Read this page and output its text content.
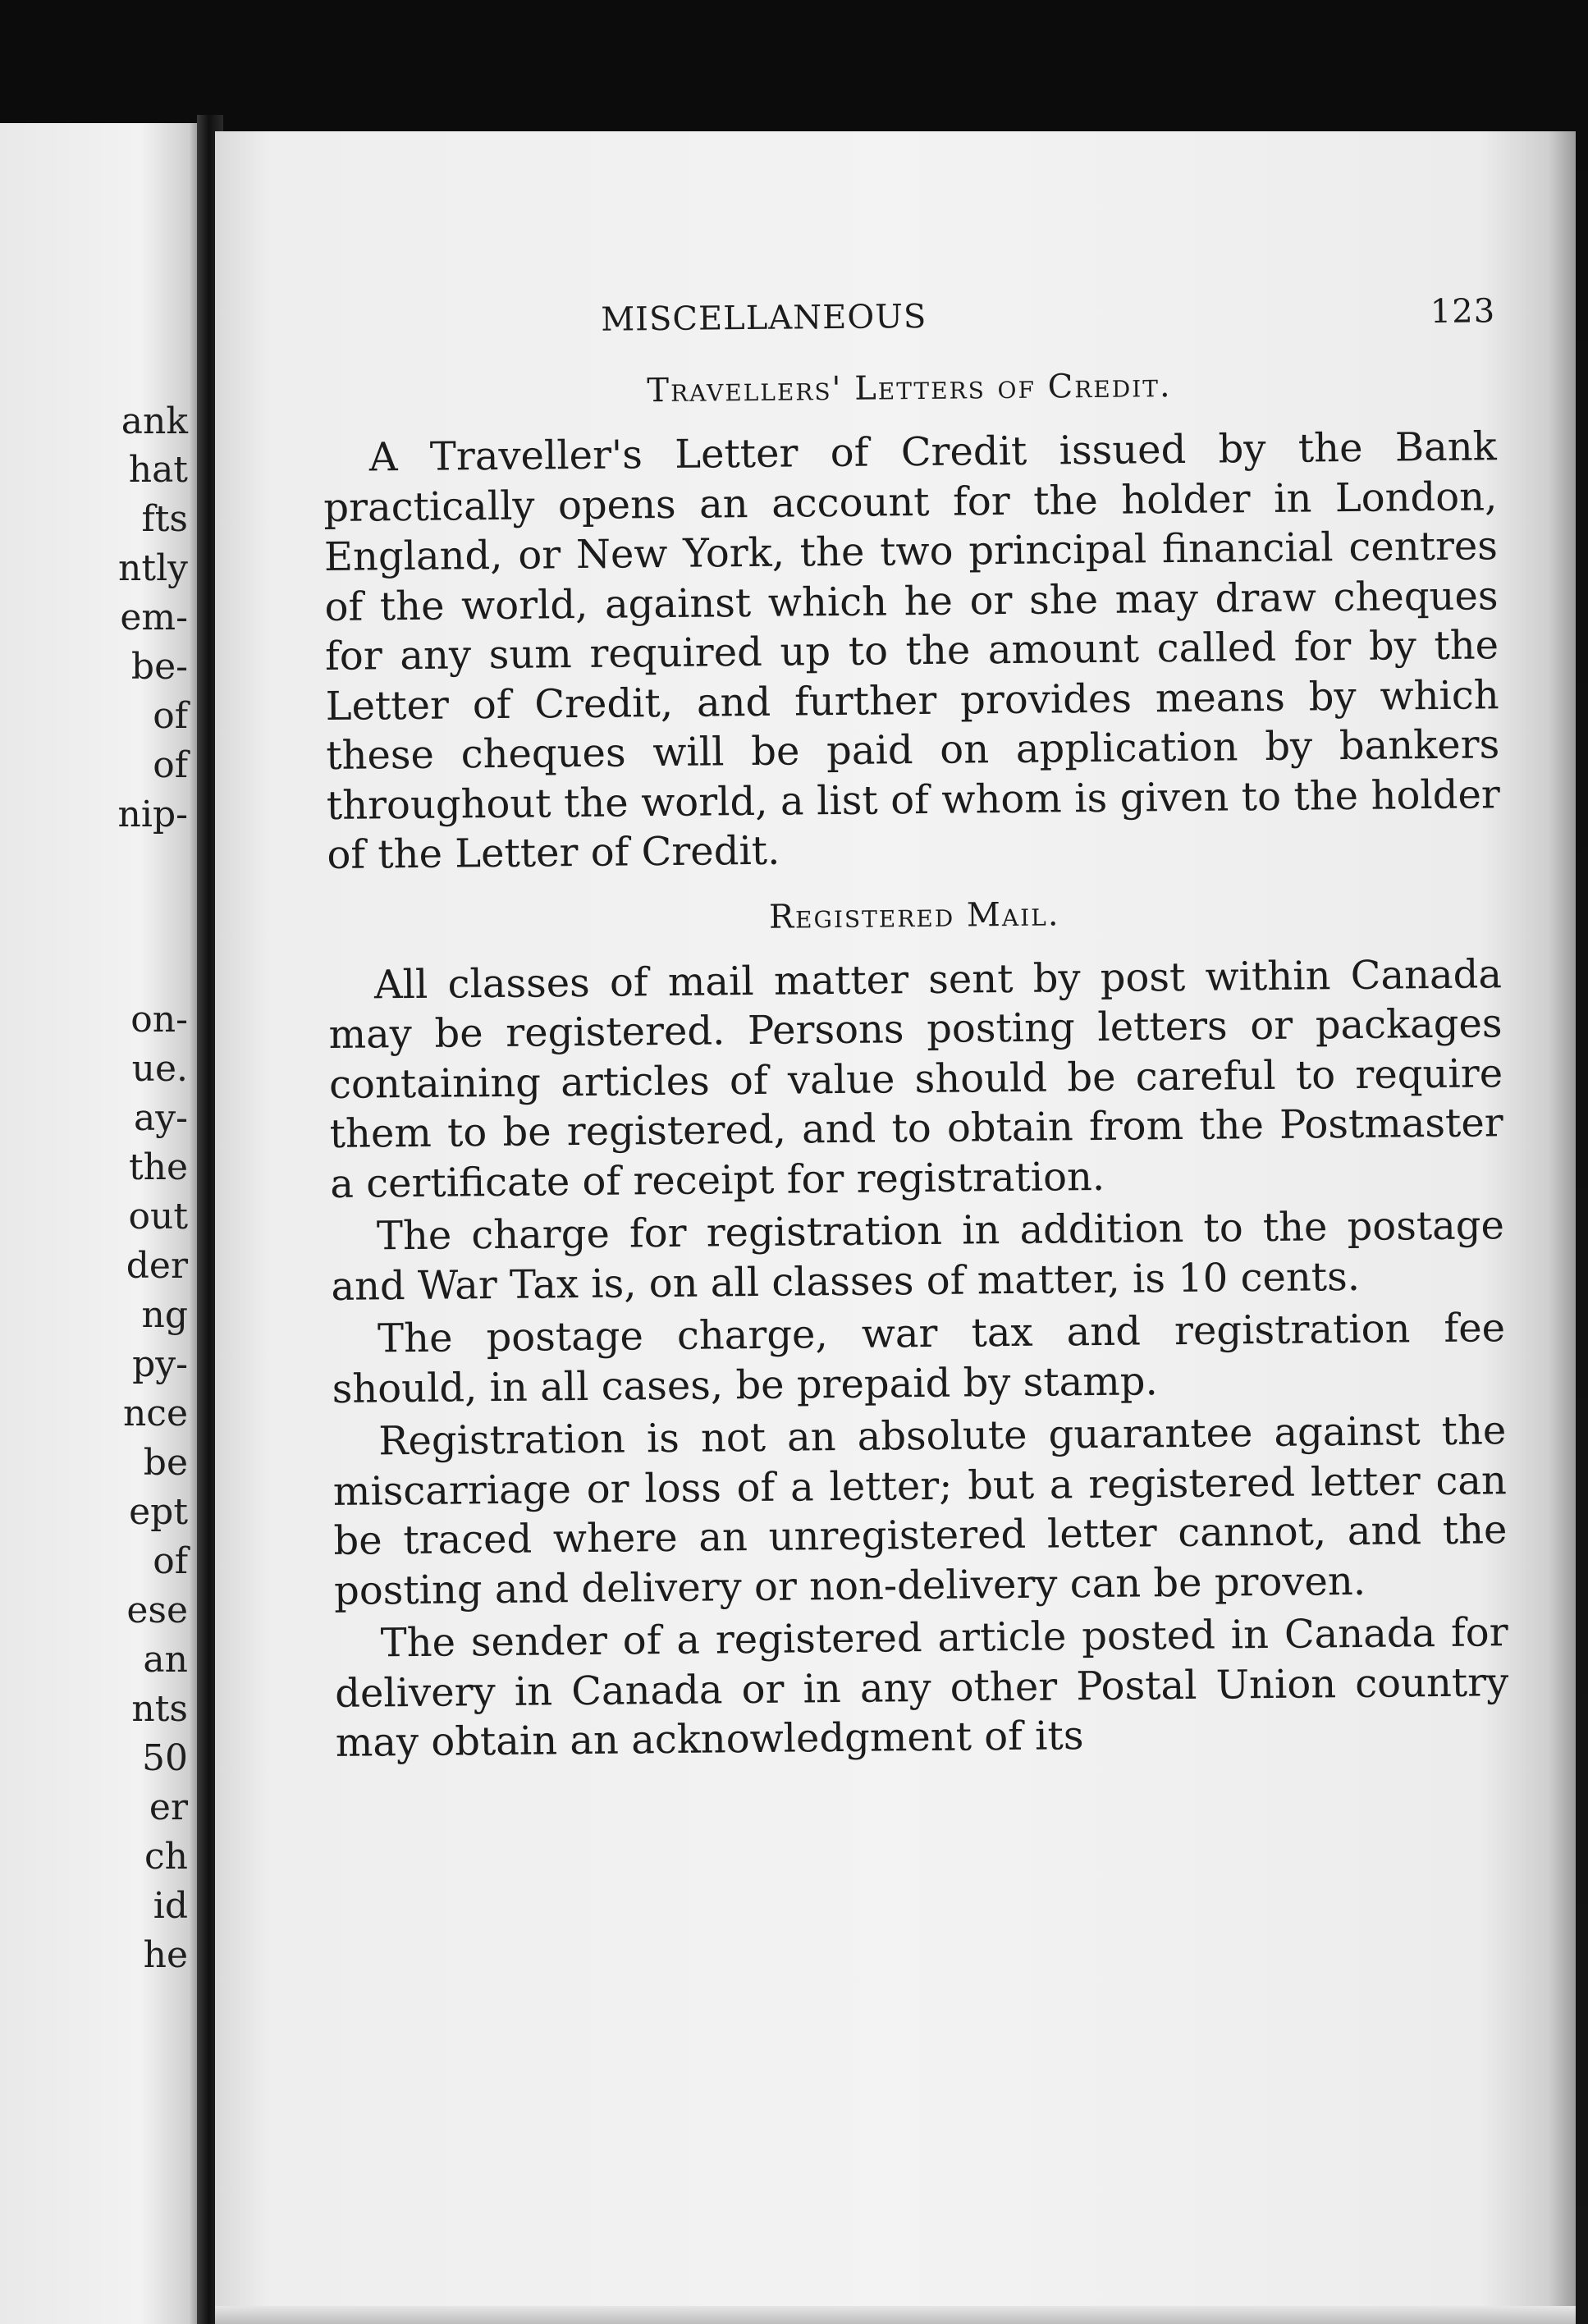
ank
hat
fts
ntly
em-
be-
of
of
nip-
on-
ue.
ay-
the
out
der
ng
py-
nce
be
ept
of
ese
an
nts
50
er
ch
id
he
MISCELLANEOUS	123
Travellers' Letters of Credit.

A Traveller's Letter of Credit issued by the Bank practically opens an account for the holder in London, England, or New York, the two principal financial centres of the world, against which he or she may draw cheques for any sum required up to the amount called for by the Letter of Credit, and further provides means by which these cheques will be paid on application by bankers throughout the world, a list of whom is given to the holder of the Letter of Credit.

Registered Mail.

All classes of mail matter sent by post within Canada may be registered. Persons posting letters or packages containing articles of value should be careful to require them to be registered, and to obtain from the Postmaster a certificate of receipt for registration.

The charge for registration in addition to the postage and War Tax is, on all classes of matter, is 10 cents.

The postage charge, war tax and registration fee should, in all cases, be prepaid by stamp.

Registration is not an absolute guarantee against the miscarriage or loss of a letter; but a registered letter can be traced where an unregistered letter cannot, and the posting and delivery or non-delivery can be proven.

The sender of a registered article posted in Canada for delivery in Canada or in any other Postal Union country may obtain an acknowledgment of its
